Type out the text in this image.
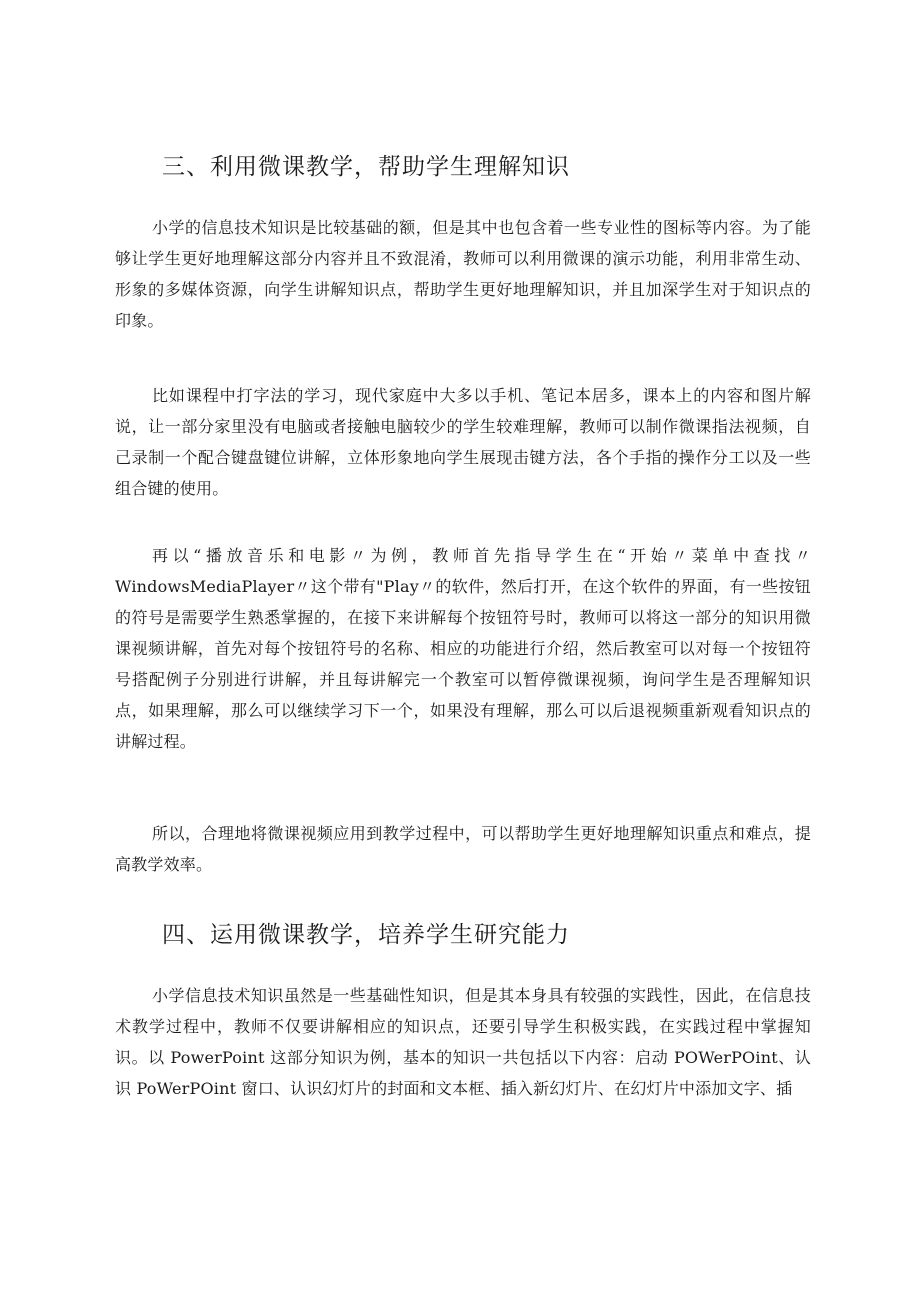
三、利用微课教学，帮助学生理解知识

小学的信息技术知识是比较基础的额，但是其中也包含着一些专业性的图标等内容。为了能够让学生更好地理解这部分内容并且不致混淆，教师可以利用微课的演示功能，利用非常生动、形象的多媒体资源，向学生讲解知识点，帮助学生更好地理解知识，并且加深学生对于知识点的印象。

比如课程中打字法的学习，现代家庭中大多以手机、笔记本居多，课本上的内容和图片解说，让一部分家里没有电脑或者接触电脑较少的学生较难理解，教师可以制作微课指法视频，自己录制一个配合键盘键位讲解，立体形象地向学生展现击键方法，各个手指的操作分工以及一些组合键的使用。

再以“播放音乐和电影〃为例，教师首先指导学生在“开始〃菜单中查找〃WindowsMediaPlayer〃这个带有"Play〃的软件，然后打开，在这个软件的界面，有一些按钮的符号是需要学生熟悉掌握的，在接下来讲解每个按钮符号时，教师可以将这一部分的知识用微课视频讲解，首先对每个按钮符号的名称、相应的功能进行介绍，然后教室可以对每一个按钮符号搭配例子分别进行讲解，并且每讲解完一个教室可以暂停微课视频，询问学生是否理解知识点，如果理解，那么可以继续学习下一个，如果没有理解，那么可以后退视频重新观看知识点的讲解过程。

所以，合理地将微课视频应用到教学过程中，可以帮助学生更好地理解知识重点和难点，提高教学效率。

四、运用微课教学，培养学生研究能力

小学信息技术知识虽然是一些基础性知识，但是其本身具有较强的实践性，因此，在信息技术教学过程中，教师不仅要讲解相应的知识点，还要引导学生积极实践，在实践过程中掌握知识。以 PowerPoint 这部分知识为例，基本的知识一共包括以下内容：启动 POWerPOint、认识 PoWerPOint 窗口、认识幻灯片的封面和文本框、插入新幻灯片、在幻灯片中添加文字、插
